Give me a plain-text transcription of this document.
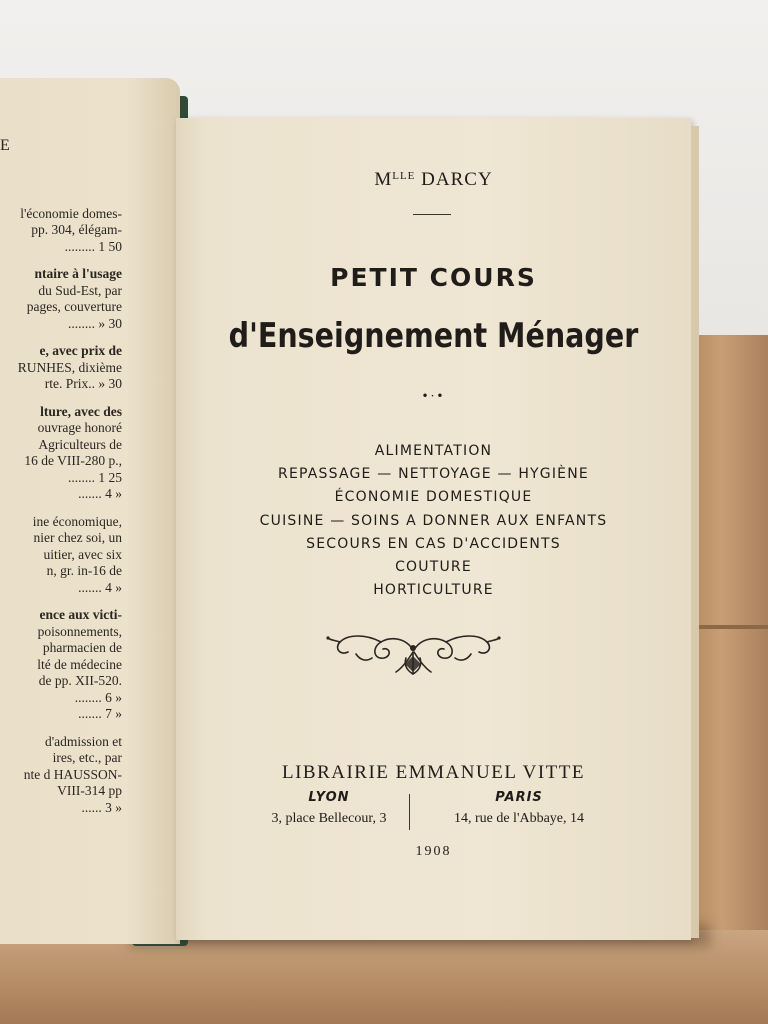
E
l'économie domes-
pp. 304, élégam-
......... 1 50
ntaire à l'usage
du Sud-Est, par
pages, couverture
........ » 30
e, avec prix de
RUNHES, dixième
rte. Prix.. » 30
lture, avec des
ouvrage honoré
Agriculteurs de
16 de VIII-280 p.,
........ 1 25
....... 4 »
ine économique,
nier chez soi, un
uitier, avec six
n, gr. in-16 de
....... 4 »
ence aux victi-
poisonnements,
pharmacien de
lté de médecine
de pp. XII-520.
........ 6 »
....... 7 »
d'admission et
ires, etc., par
nte d HAUSSON-
VIII-314 pp
...... 3 »
$M^{LLE}$ DARCY
PETIT COURS
d'Enseignement Ménager
•·•
ALIMENTATION
REPASSAGE — NETTOYAGE — HYGIÈNE
ÉCONOMIE DOMESTIQUE
CUISINE — SOINS A DONNER AUX ENFANTS
SECOURS EN CAS D'ACCIDENTS
COUTURE
HORTICULTURE
LIBRAIRIE EMMANUEL VITTE
LYON
3, place Bellecour, 3
PARIS
14, rue de l'Abbaye, 14
1908
